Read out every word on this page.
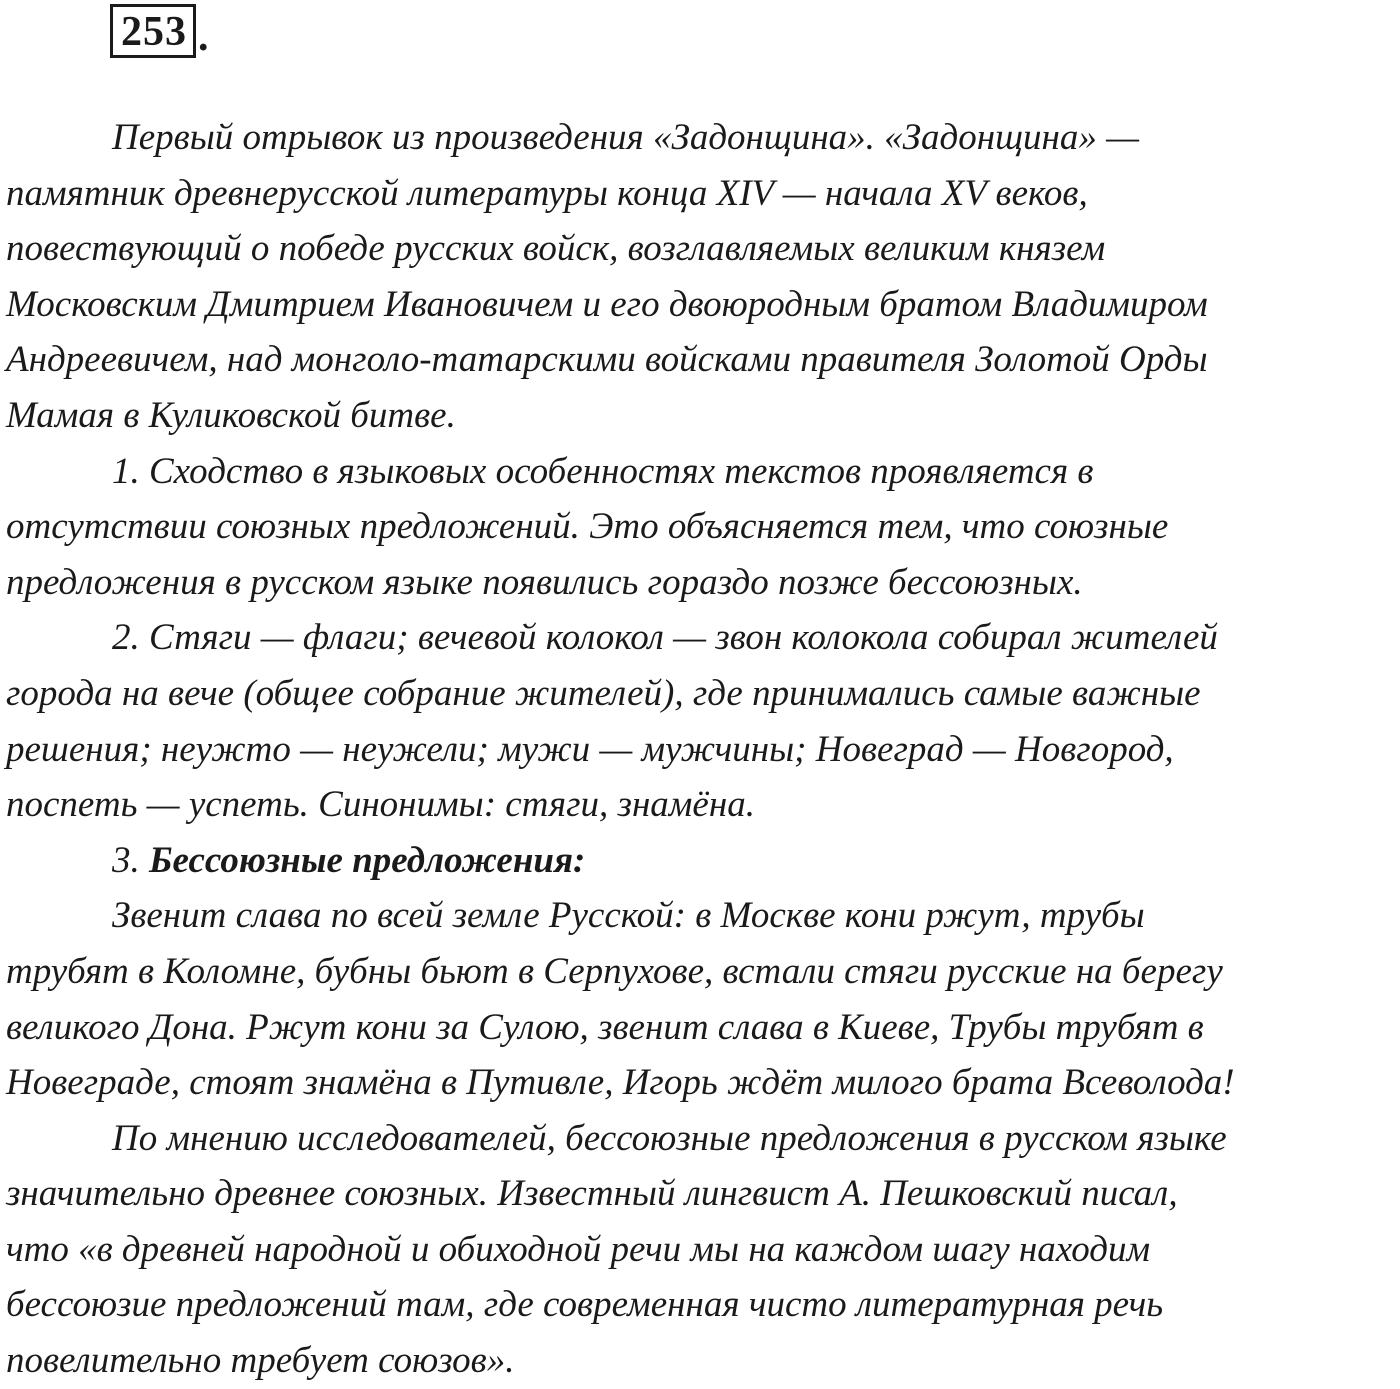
253 .
Первый отрывок из произведения «Задонщина». «Задонщина» —
памятник древнерусской литературы конца XIV — начала XV веков,
повествующий о победе русских войск, возглавляемых великим князем
Московским Дмитрием Ивановичем и его двоюродным братом Владимиром
Андреевичем, над монголо-татарскими войсками правителя Золотой Орды
Мамая в Куликовской битве.
1. Сходство в языковых особенностях текстов проявляется в
отсутствии союзных предложений. Это объясняется тем, что союзные
предложения в русском языке появились гораздо позже бессоюзных.
2. Стяги — флаги; вечевой колокол — звон колокола собирал жителей
города на вече (общее собрание жителей), где принимались самые важные
решения; неужто — неужели; мужи — мужчины; Новеград — Новгород,
поспеть — успеть. Синонимы: стяги, знамёна.
3. Бессоюзные предложения:
Звенит слава по всей земле Русской: в Москве кони ржут, трубы
трубят в Коломне, бубны бьют в Серпухове, встали стяги русские на берегу
великого Дона. Ржут кони за Сулою, звенит слава в Киеве, Трубы трубят в
Новеграде, стоят знамёна в Путивле, Игорь ждёт милого брата Всеволода!
По мнению исследователей, бессоюзные предложения в русском языке
значительно древнее союзных. Известный лингвист А. Пешковский писал,
что «в древней народной и обиходной речи мы на каждом шагу находим
бессоюзие предложений там, где современная чисто литературная речь
повелительно требует союзов».
